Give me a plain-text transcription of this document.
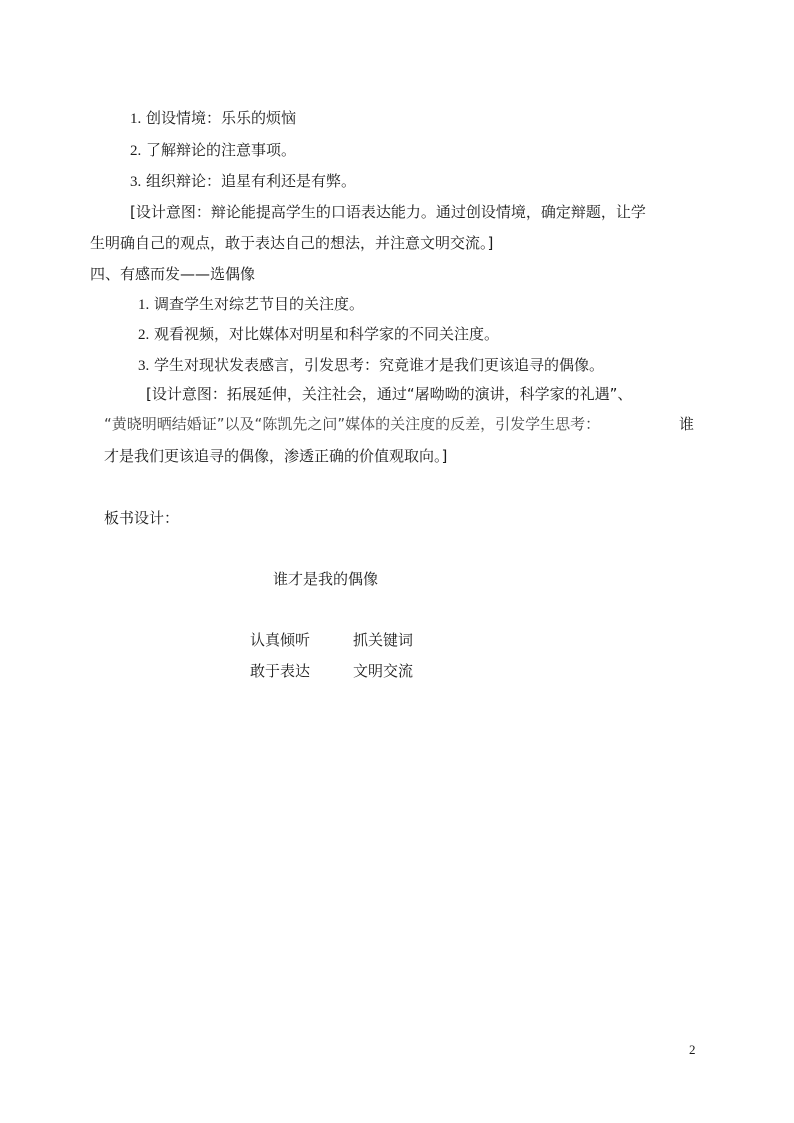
1. 创设情境：乐乐的烦恼
2. 了解辩论的注意事项。
3. 组织辩论：追星有利还是有弊。
[设计意图：辩论能提高学生的口语表达能力。通过创设情境，确定辩题，让学
生明确自己的观点，敢于表达自己的想法，并注意文明交流。]
四、有感而发——选偶像
1. 调查学生对综艺节目的关注度。
2. 观看视频，对比媒体对明星和科学家的不同关注度。
3. 学生对现状发表感言，引发思考：究竟谁才是我们更该追寻的偶像。
[设计意图：拓展延伸，关注社会，通过“屠呦呦的演讲，科学家的礼遇”、
“黄晓明晒结婚证”以及“陈凯先之问”媒体的关注度的反差，引发学生思考：	谁
才是我们更该追寻的偶像，渗透正确的价值观取向。]
板书设计：
谁才是我的偶像
认真倾听	抓关键词
敢于表达	文明交流
2
